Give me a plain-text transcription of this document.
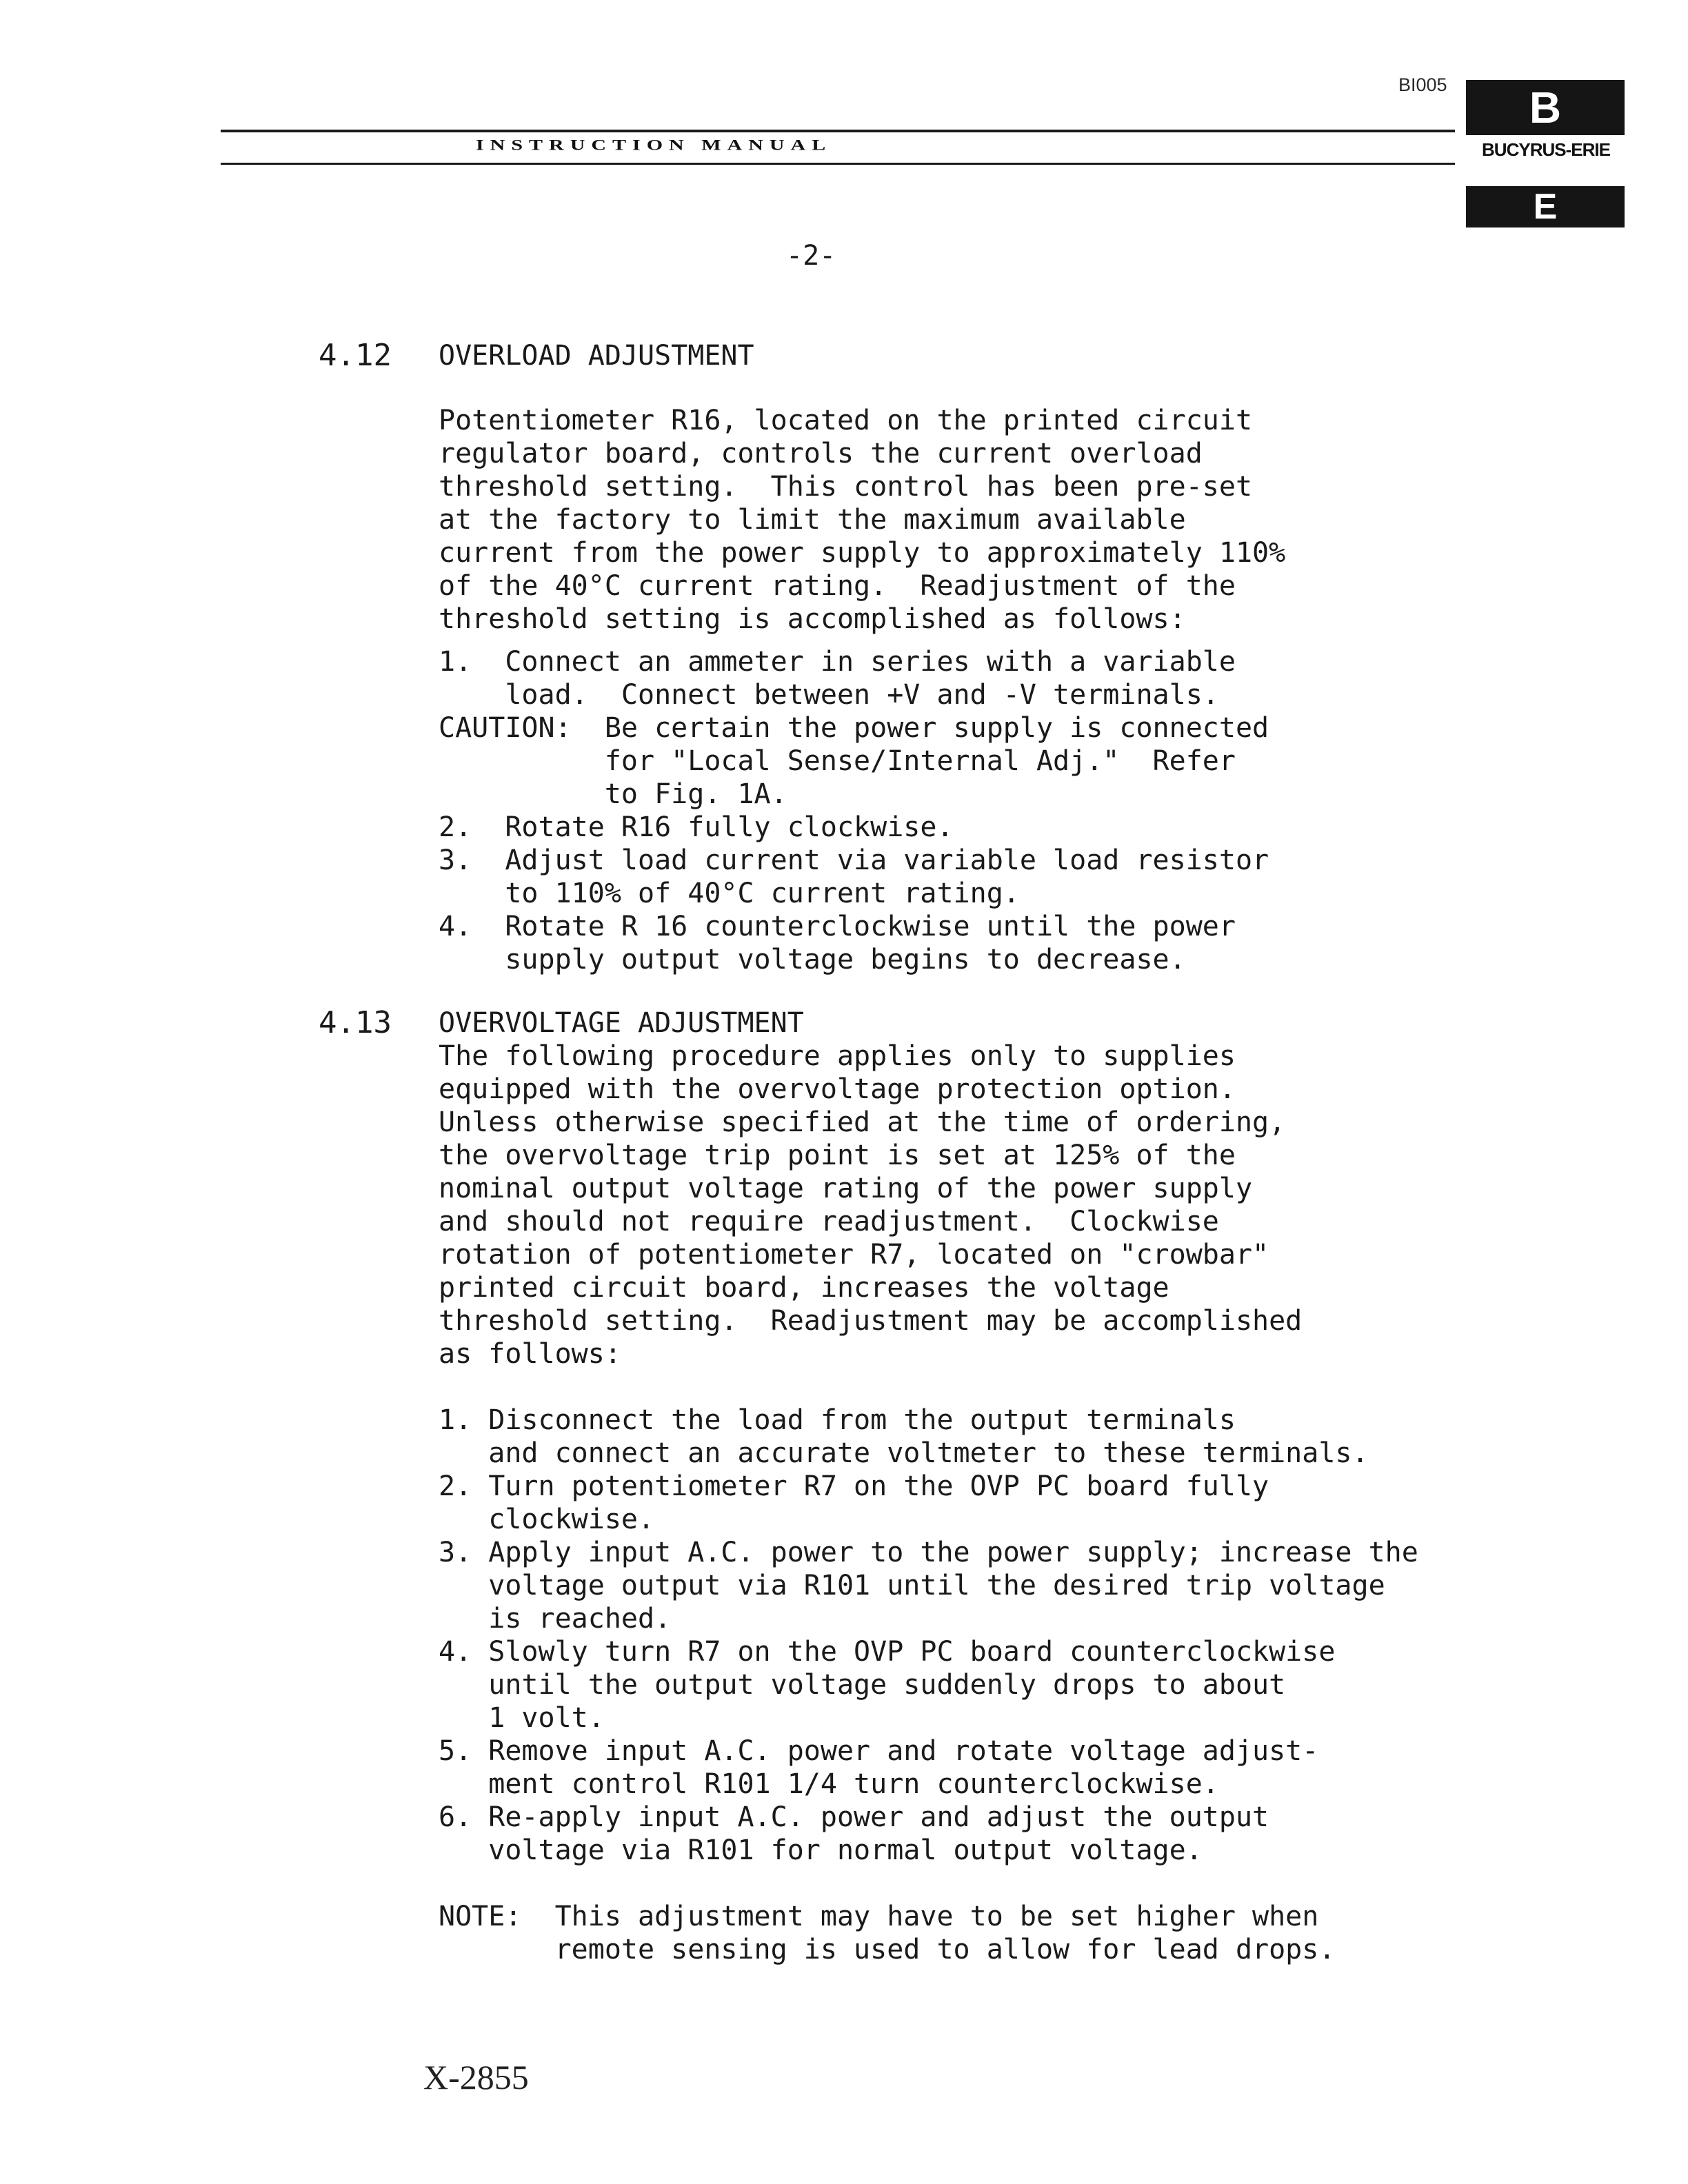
BI005
INSTRUCTION MANUAL
B
BUCYRUS-ERIE
E
-2-
4.12 OVERLOAD ADJUSTMENT
Potentiometer R16, located on the printed circuit
regulator board, controls the current overload
threshold setting.  This control has been pre-set
at the factory to limit the maximum available
current from the power supply to approximately 110%
of the 40°C current rating.  Readjustment of the
threshold setting is accomplished as follows:
1.  Connect an ammeter in series with a variable
load.  Connect between +V and -V terminals.
CAUTION:  Be certain the power supply is connected
for "Local Sense/Internal Adj."  Refer
to Fig. 1A.
2.  Rotate R16 fully clockwise.
3.  Adjust load current via variable load resistor
to 110% of 40°C current rating.
4.  Rotate R 16 counterclockwise until the power
supply output voltage begins to decrease.
4.13 OVERVOLTAGE ADJUSTMENT
The following procedure applies only to supplies
equipped with the overvoltage protection option.
Unless otherwise specified at the time of ordering,
the overvoltage trip point is set at 125% of the
nominal output voltage rating of the power supply
and should not require readjustment.  Clockwise
rotation of potentiometer R7, located on "crowbar"
printed circuit board, increases the voltage
threshold setting.  Readjustment may be accomplished
as follows:
1. Disconnect the load from the output terminals
and connect an accurate voltmeter to these terminals.
2. Turn potentiometer R7 on the OVP PC board fully
clockwise.
3. Apply input A.C. power to the power supply; increase the
voltage output via R101 until the desired trip voltage
is reached.
4. Slowly turn R7 on the OVP PC board counterclockwise
until the output voltage suddenly drops to about
1 volt.
5. Remove input A.C. power and rotate voltage adjust-
ment control R101 1/4 turn counterclockwise.
6. Re-apply input A.C. power and adjust the output
voltage via R101 for normal output voltage.
NOTE:  This adjustment may have to be set higher when
remote sensing is used to allow for lead drops.
X-2855
